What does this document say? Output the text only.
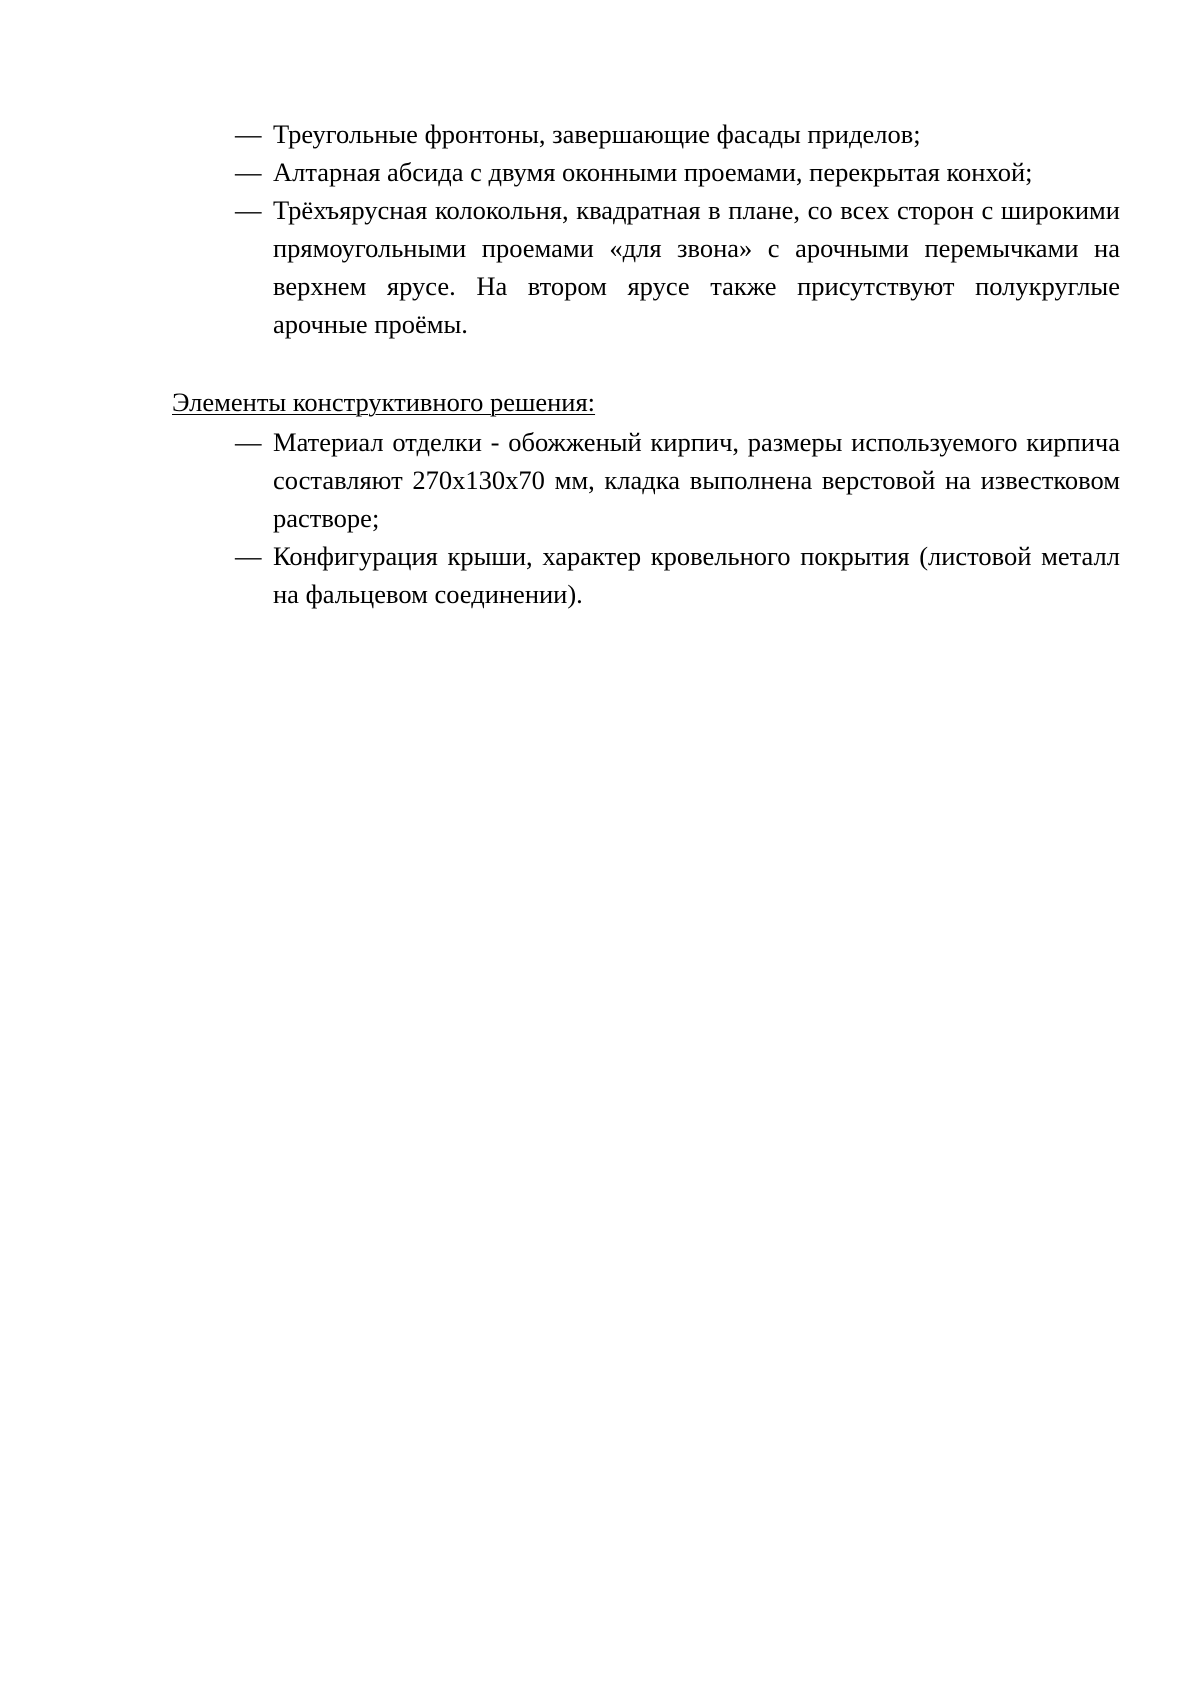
— Треугольные фронтоны, завершающие фасады приделов;
— Алтарная абсида с двумя оконными проемами, перекрытая конхой;
— Трёхъярусная колокольня, квадратная в плане, со всех сторон с широкими прямоугольными проемами «для звона» с арочными перемычками на верхнем ярусе. На втором ярусе также присутствуют полукруглые арочные проёмы.
Элементы конструктивного решения:
— Материал отделки - обожженый кирпич, размеры используемого кирпича составляют 270x130x70 мм, кладка выполнена верстовой на известковом растворе;
— Конфигурация крыши, характер кровельного покрытия (листовой металл на фальцевом соединении).
